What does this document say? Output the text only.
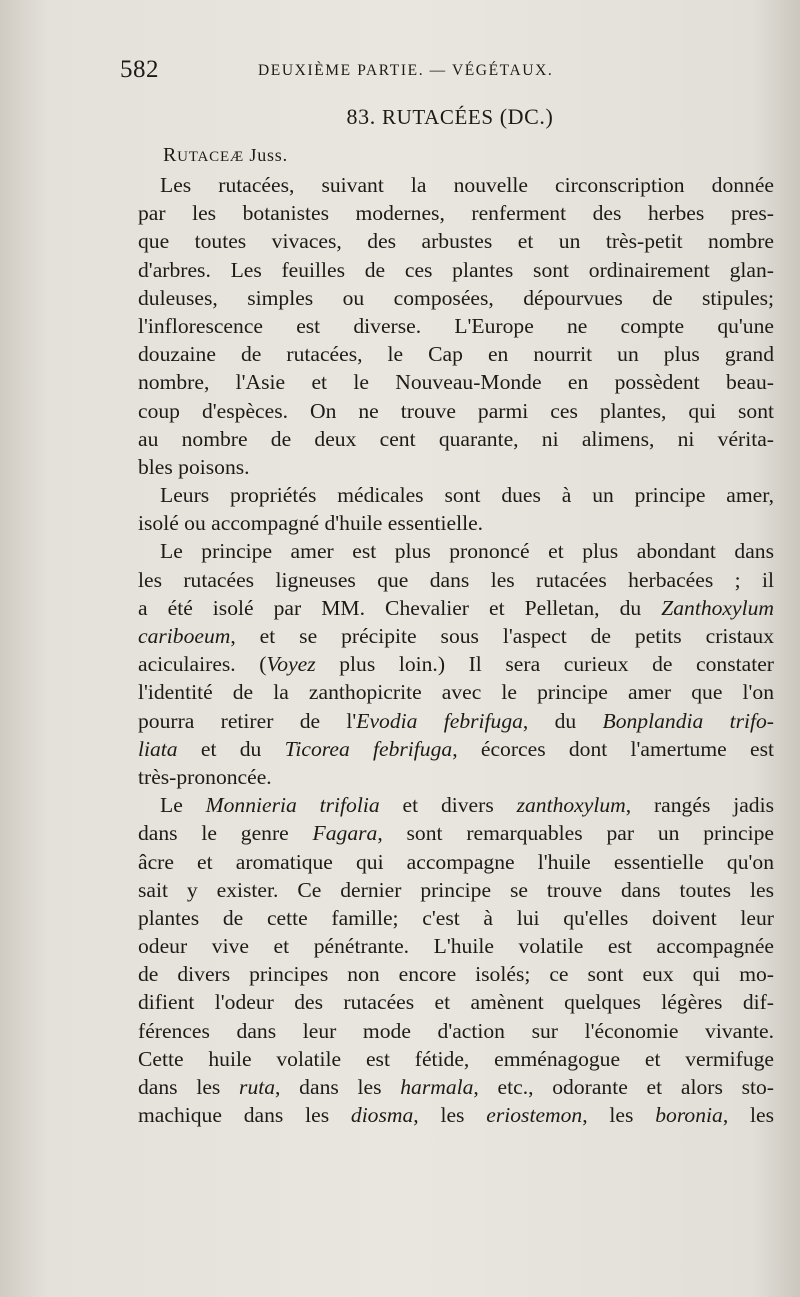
582	DEUXIÈME PARTIE. — VÉGÉTAUX.
83. RUTACÉES (DC.)
RUTACEÆ Juss.
Les rutacées, suivant la nouvelle circonscription donnée
par les botanistes modernes, renferment des herbes pres-
que toutes vivaces, des arbustes et un très-petit nombre
d'arbres. Les feuilles de ces plantes sont ordinairement glan-
duleuses, simples ou composées, dépourvues de stipules;
l'inflorescence est diverse. L'Europe ne compte qu'une
douzaine de rutacées, le Cap en nourrit un plus grand
nombre, l'Asie et le Nouveau-Monde en possèdent beau-
coup d'espèces. On ne trouve parmi ces plantes, qui sont
au nombre de deux cent quarante, ni alimens, ni vérita-
bles poisons.
Leurs propriétés médicales sont dues à un principe amer,
isolé ou accompagné d'huile essentielle.
Le principe amer est plus prononcé et plus abondant dans
les rutacées ligneuses que dans les rutacées herbacées ; il
a été isolé par MM. Chevalier et Pelletan, du Zanthoxylum
cariboeum, et se précipite sous l'aspect de petits cristaux
aciculaires. (Voyez plus loin.) Il sera curieux de constater
l'identité de la zanthopicrite avec le principe amer que l'on
pourra retirer de l'Evodia febrifuga, du Bonplandia trifo-
liata et du Ticorea febrifuga, écorces dont l'amertume est
très-prononcée.
Le Monnieria trifolia et divers zanthoxylum, rangés jadis
dans le genre Fagara, sont remarquables par un principe
âcre et aromatique qui accompagne l'huile essentielle qu'on
sait y exister. Ce dernier principe se trouve dans toutes les
plantes de cette famille; c'est à lui qu'elles doivent leur
odeur vive et pénétrante. L'huile volatile est accompagnée
de divers principes non encore isolés; ce sont eux qui mo-
difient l'odeur des rutacées et amènent quelques légères dif-
férences dans leur mode d'action sur l'économie vivante.
Cette huile volatile est fétide, emménagogue et vermifuge
dans les ruta, dans les harmala, etc., odorante et alors sto-
machique dans les diosma, les eriostemon, les boronia, les
